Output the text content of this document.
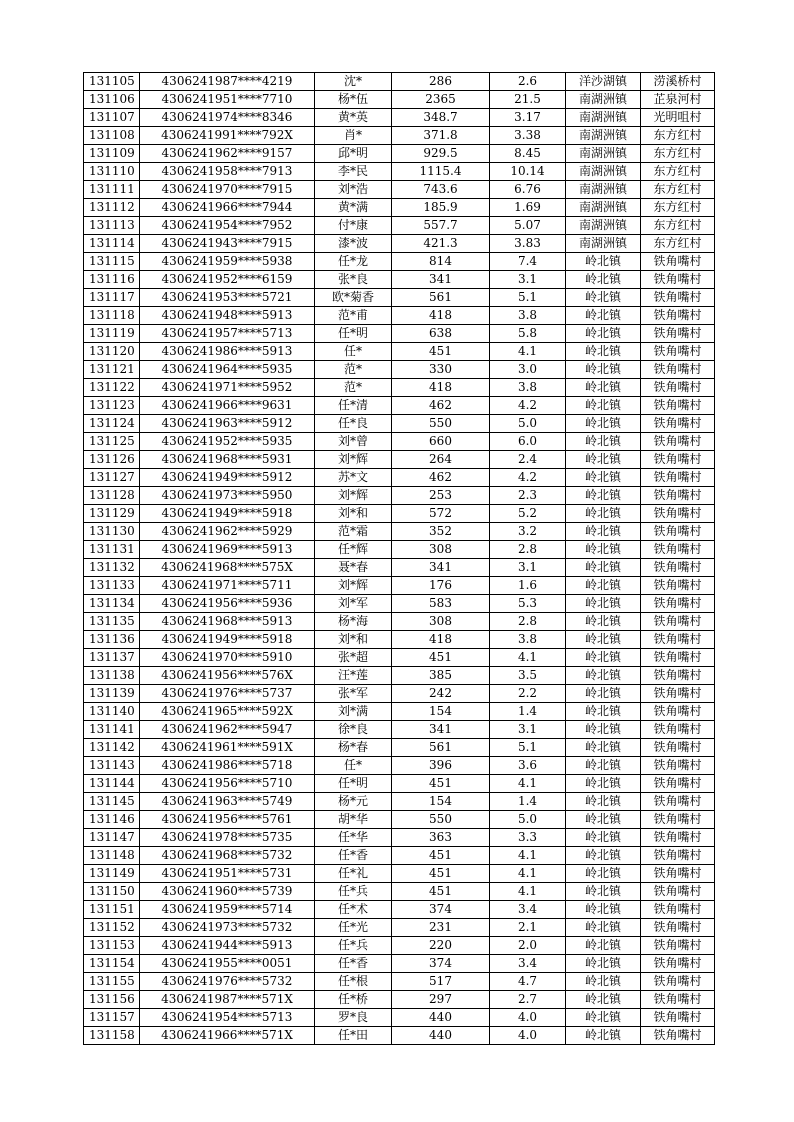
131105	4306241987****4219	沈*	286	2.6	洋沙湖镇	涝溪桥村
131106	4306241951****7710	杨*伍	2365	21.5	南湖洲镇	芷泉河村
131107	4306241974****8346	黄*英	348.7	3.17	南湖洲镇	光明咀村
131108	4306241991****792X	肖*	371.8	3.38	南湖洲镇	东方红村
131109	4306241962****9157	邱*明	929.5	8.45	南湖洲镇	东方红村
131110	4306241958****7913	李*民	1115.4	10.14	南湖洲镇	东方红村
131111	4306241970****7915	刘*浩	743.6	6.76	南湖洲镇	东方红村
131112	4306241966****7944	黄*满	185.9	1.69	南湖洲镇	东方红村
131113	4306241954****7952	付*康	557.7	5.07	南湖洲镇	东方红村
131114	4306241943****7915	漆*波	421.3	3.83	南湖洲镇	东方红村
131115	4306241959****5938	任*龙	814	7.4	岭北镇	铁角嘴村
131116	4306241952****6159	张*良	341	3.1	岭北镇	铁角嘴村
131117	4306241953****5721	欧*菊香	561	5.1	岭北镇	铁角嘴村
131118	4306241948****5913	范*甫	418	3.8	岭北镇	铁角嘴村
131119	4306241957****5713	任*明	638	5.8	岭北镇	铁角嘴村
131120	4306241986****5913	任*	451	4.1	岭北镇	铁角嘴村
131121	4306241964****5935	范*	330	3.0	岭北镇	铁角嘴村
131122	4306241971****5952	范*	418	3.8	岭北镇	铁角嘴村
131123	4306241966****9631	任*清	462	4.2	岭北镇	铁角嘴村
131124	4306241963****5912	任*良	550	5.0	岭北镇	铁角嘴村
131125	4306241952****5935	刘*曾	660	6.0	岭北镇	铁角嘴村
131126	4306241968****5931	刘*辉	264	2.4	岭北镇	铁角嘴村
131127	4306241949****5912	苏*文	462	4.2	岭北镇	铁角嘴村
131128	4306241973****5950	刘*辉	253	2.3	岭北镇	铁角嘴村
131129	4306241949****5918	刘*和	572	5.2	岭北镇	铁角嘴村
131130	4306241962****5929	范*霜	352	3.2	岭北镇	铁角嘴村
131131	4306241969****5913	任*辉	308	2.8	岭北镇	铁角嘴村
131132	4306241968****575X	聂*春	341	3.1	岭北镇	铁角嘴村
131133	4306241971****5711	刘*辉	176	1.6	岭北镇	铁角嘴村
131134	4306241956****5936	刘*军	583	5.3	岭北镇	铁角嘴村
131135	4306241968****5913	杨*海	308	2.8	岭北镇	铁角嘴村
131136	4306241949****5918	刘*和	418	3.8	岭北镇	铁角嘴村
131137	4306241970****5910	张*超	451	4.1	岭北镇	铁角嘴村
131138	4306241956****576X	汪*莲	385	3.5	岭北镇	铁角嘴村
131139	4306241976****5737	张*军	242	2.2	岭北镇	铁角嘴村
131140	4306241965****592X	刘*满	154	1.4	岭北镇	铁角嘴村
131141	4306241962****5947	徐*良	341	3.1	岭北镇	铁角嘴村
131142	4306241961****591X	杨*春	561	5.1	岭北镇	铁角嘴村
131143	4306241986****5718	任*	396	3.6	岭北镇	铁角嘴村
131144	4306241956****5710	任*明	451	4.1	岭北镇	铁角嘴村
131145	4306241963****5749	杨*元	154	1.4	岭北镇	铁角嘴村
131146	4306241956****5761	胡*华	550	5.0	岭北镇	铁角嘴村
131147	4306241978****5735	任*华	363	3.3	岭北镇	铁角嘴村
131148	4306241968****5732	任*香	451	4.1	岭北镇	铁角嘴村
131149	4306241951****5731	任*礼	451	4.1	岭北镇	铁角嘴村
131150	4306241960****5739	任*兵	451	4.1	岭北镇	铁角嘴村
131151	4306241959****5714	任*术	374	3.4	岭北镇	铁角嘴村
131152	4306241973****5732	任*光	231	2.1	岭北镇	铁角嘴村
131153	4306241944****5913	任*兵	220	2.0	岭北镇	铁角嘴村
131154	4306241955****0051	任*香	374	3.4	岭北镇	铁角嘴村
131155	4306241976****5732	任*根	517	4.7	岭北镇	铁角嘴村
131156	4306241987****571X	任*桥	297	2.7	岭北镇	铁角嘴村
131157	4306241954****5713	罗*良	440	4.0	岭北镇	铁角嘴村
131158	4306241966****571X	任*田	440	4.0	岭北镇	铁角嘴村
